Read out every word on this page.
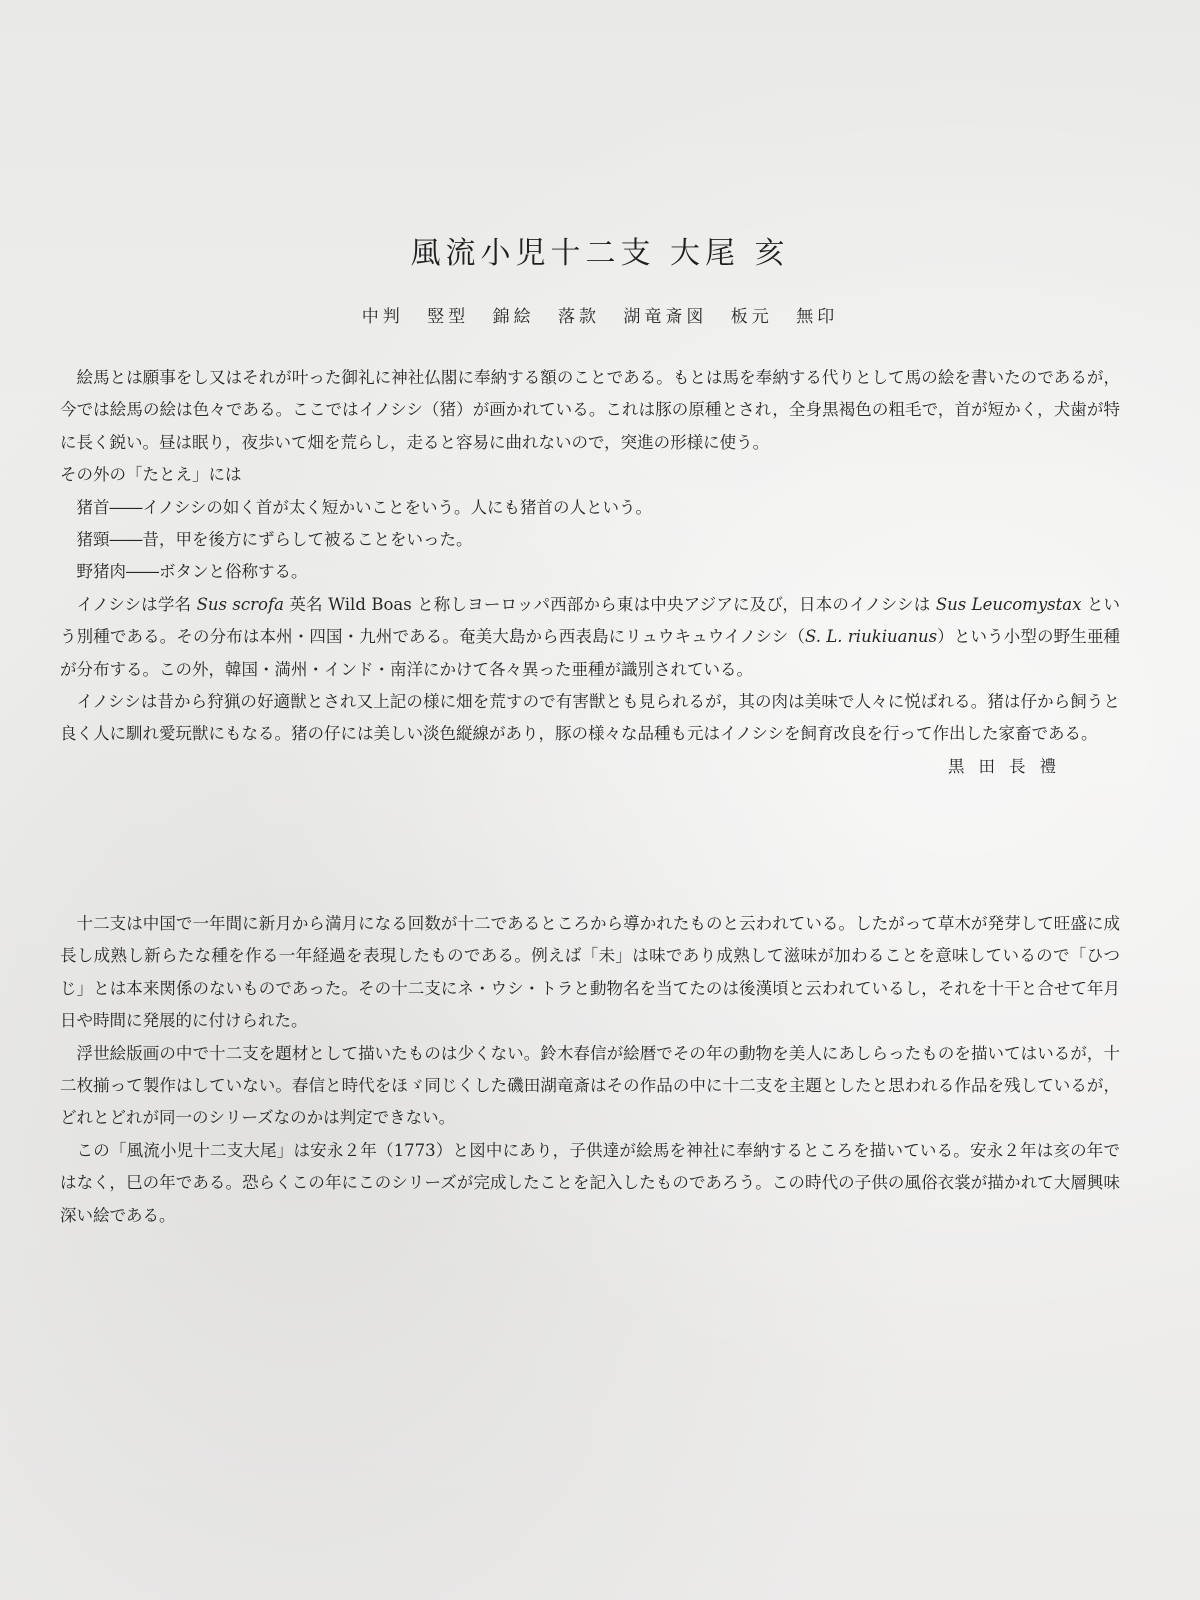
風流小児十二支 大尾 亥
中判 竪型 錦絵 落款 湖竜斎図 板元 無印

絵馬とは願事をし又はそれが叶った御礼に神社仏閣に奉納する額のことである。もとは馬を奉納する代りとして馬の絵を書いたのであるが，今では絵馬の絵は色々である。ここではイノシシ（猪）が画かれている。これは豚の原種とされ，全身黒褐色の粗毛で，首が短かく，犬歯が特に長く鋭い。昼は眠り，夜歩いて畑を荒らし，走ると容易に曲れないので，突進の形様に使う。

その外の「たとえ」には

猪首――イノシシの如く首が太く短かいことをいう。人にも猪首の人という。

猪頸――昔，甲を後方にずらして被ることをいった。

野猪肉――ボタンと俗称する。

イノシシは学名 Sus scrofa 英名 Wild Boas と称しヨーロッパ西部から東は中央アジアに及び，日本のイノシシは Sus Leucomystax という別種である。その分布は本州・四国・九州である。奄美大島から西表島にリュウキュウイノシシ（S. L. riukiuanus）という小型の野生亜種が分布する。この外，韓国・満州・インド・南洋にかけて各々異った亜種が識別されている。

イノシシは昔から狩猟の好適獣とされ又上記の様に畑を荒すので有害獣とも見られるが，其の肉は美味で人々に悦ばれる。猪は仔から飼うと良く人に馴れ愛玩獣にもなる。猪の仔には美しい淡色縦線があり，豚の様々な品種も元はイノシシを飼育改良を行って作出した家畜である。

黒田長禮

十二支は中国で一年間に新月から満月になる回数が十二であるところから導かれたものと云われている。したがって草木が発芽して旺盛に成長し成熟し新らたな種を作る一年経過を表現したものである。例えば「未」は味であり成熟して滋味が加わることを意味しているので「ひつじ」とは本来関係のないものであった。その十二支にネ・ウシ・トラと動物名を当てたのは後漢頃と云われているし，それを十干と合せて年月日や時間に発展的に付けられた。

浮世絵版画の中で十二支を題材として描いたものは少くない。鈴木春信が絵暦でその年の動物を美人にあしらったものを描いてはいるが，十二枚揃って製作はしていない。春信と時代をほゞ同じくした磯田湖竜斎はその作品の中に十二支を主題としたと思われる作品を残しているが，どれとどれが同一のシリーズなのかは判定できない。

この「風流小児十二支大尾」は安永２年（1773）と図中にあり，子供達が絵馬を神社に奉納するところを描いている。安永２年は亥の年ではなく，巳の年である。恐らくこの年にこのシリーズが完成したことを記入したものであろう。この時代の子供の風俗衣裳が描かれて大層興味深い絵である。
